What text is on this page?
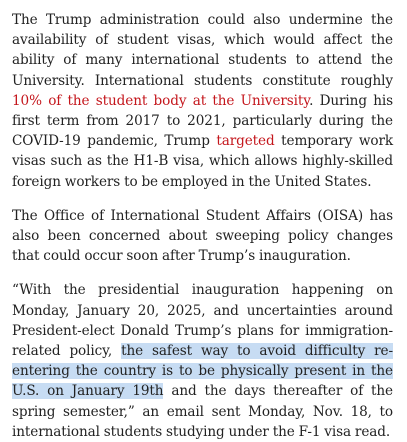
The Trump administration could also undermine the availability of student visas, which would affect the ability of many international students to attend the University. International students constitute roughly 10% of the student body at the University. During his first term from 2017 to 2021, particularly during the COVID-19 pandemic, Trump targeted temporary work visas such as the H1-B visa, which allows highly-skilled foreign workers to be employed in the United States.

The Office of International Student Affairs (OISA) has also been concerned about sweeping policy changes that could occur soon after Trump’s inauguration.

“With the presidential inauguration happening on Monday, January 20, 2025, and uncertainties around President-elect Donald Trump’s plans for immigration-related policy, the safest way to avoid difficulty re-entering the country is to be physically present in the U.S. on January 19th and the days thereafter of the spring semester,” an email sent Monday, Nov. 18, to international students studying under the F-1 visa read.
